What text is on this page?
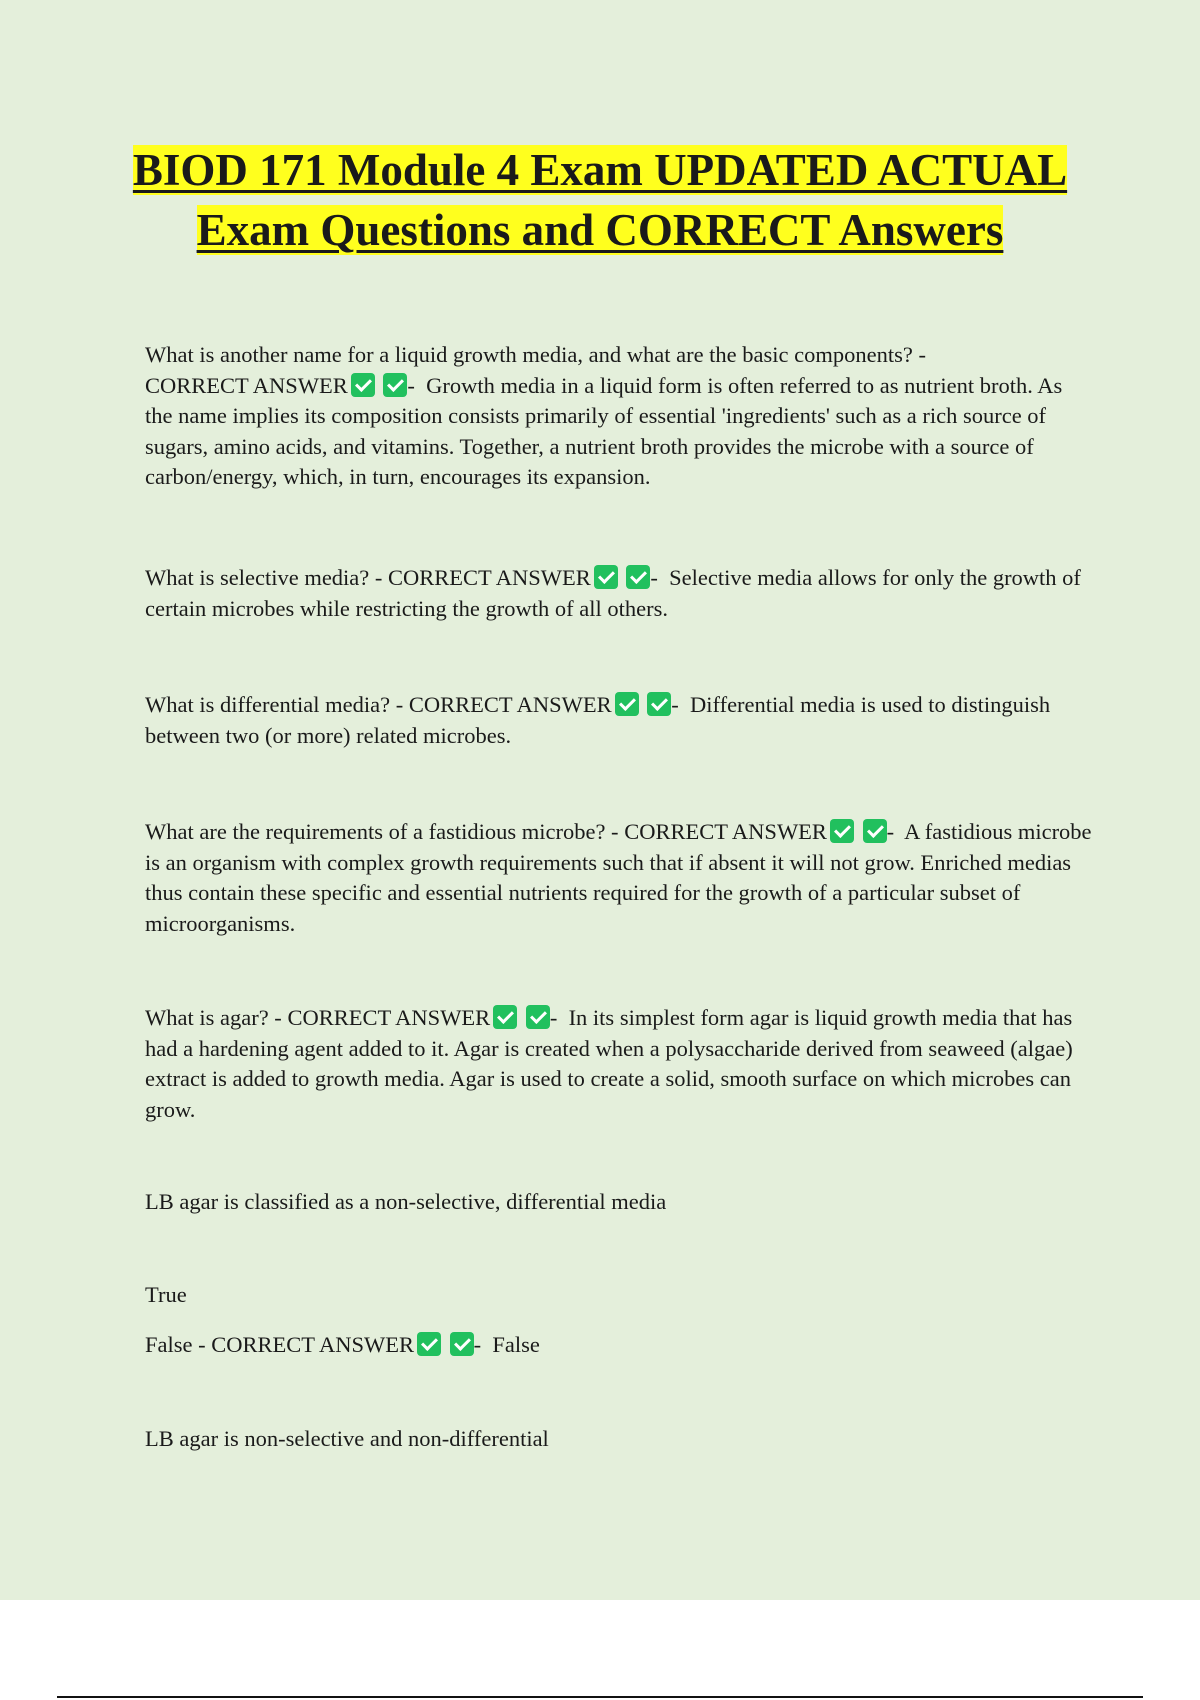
BIOD 171 Module 4 Exam UPDATED ACTUAL Exam Questions and CORRECT Answers
What is another name for a liquid growth media, and what are the basic components? - CORRECT ANSWER	-  Growth media in a liquid form is often referred to as nutrient broth. As the name implies its composition consists primarily of essential 'ingredients' such as a rich source of sugars, amino acids, and vitamins. Together, a nutrient broth provides the microbe with a source of carbon/energy, which, in turn, encourages its expansion.
What is selective media? - CORRECT ANSWER	-  Selective media allows for only the growth of certain microbes while restricting the growth of all others.
What is differential media? - CORRECT ANSWER	-  Differential media is used to distinguish between two (or more) related microbes.
What are the requirements of a fastidious microbe? - CORRECT ANSWER	-  A fastidious microbe is an organism with complex growth requirements such that if absent it will not grow. Enriched medias thus contain these specific and essential nutrients required for the growth of a particular subset of microorganisms.
What is agar? - CORRECT ANSWER	-  In its simplest form agar is liquid growth media that has had a hardening agent added to it. Agar is created when a polysaccharide derived from seaweed (algae) extract is added to growth media. Agar is used to create a solid, smooth surface on which microbes can grow.
LB agar is classified as a non-selective, differential media
True
False - CORRECT ANSWER	-  False
LB agar is non-selective and non-differential
